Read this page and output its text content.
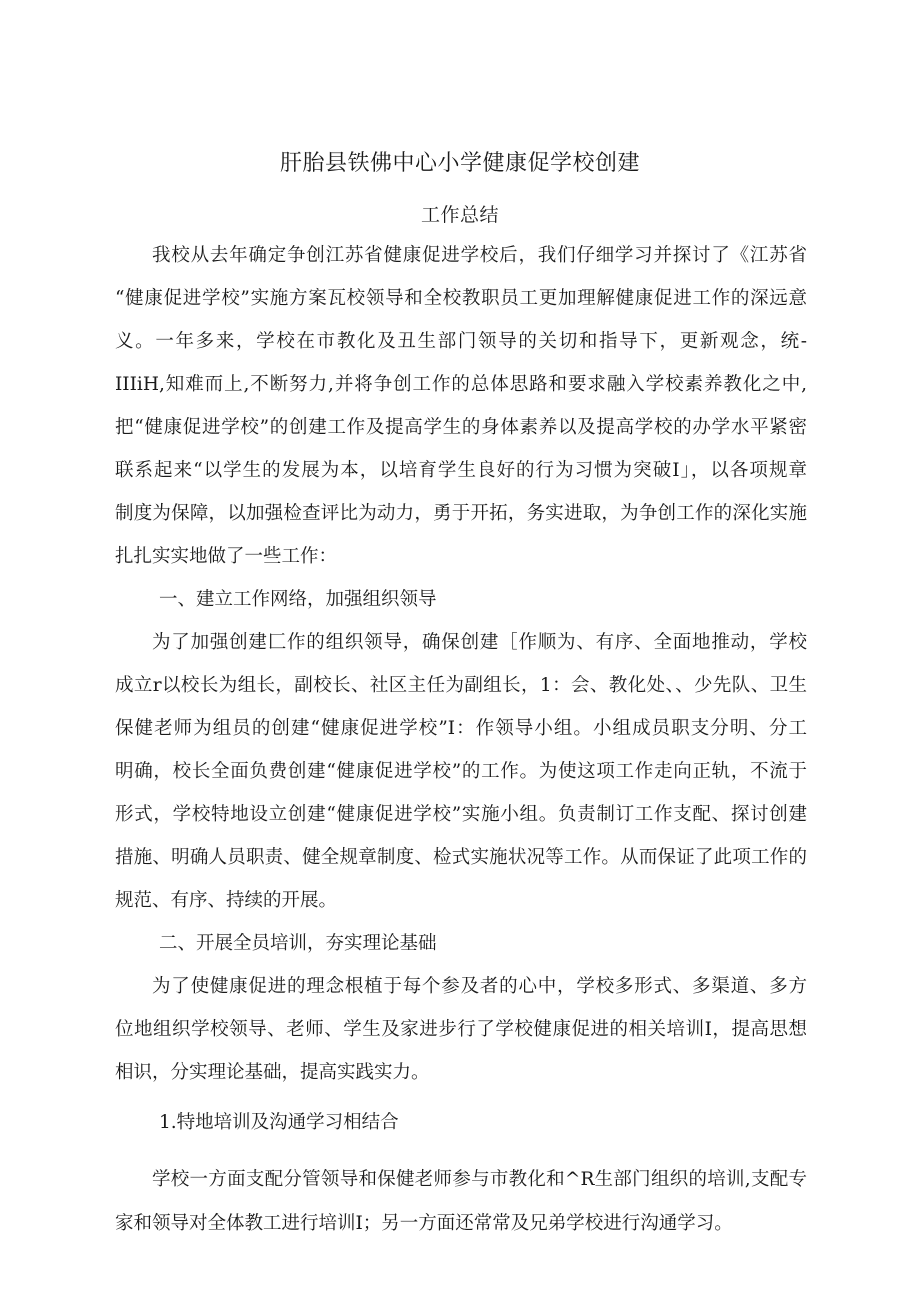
肝胎县铁佛中心小学健康促学校创建
工作总结
我校从去年确定争创江苏省健康促进学校后，我们仔细学习并探讨了《江苏省
“健康促进学校”实施方案瓦校领导和全校教职员工更加理解健康促进工作的深远意
义。一年多来，学校在市教化及丑生部门领导的关切和指导下，更新观念，统-
IIIiH,知难而上,不断努力,并将争创工作的总体思路和要求融入学校素养教化之中,
把“健康促进学校”的创建工作及提高学生的身体素养以及提高学校的办学水平紧密
联系起来“以学生的发展为本，以培育学生良好的行为习惯为突破I」，以各项规章
制度为保障，以加强检查评比为动力，勇于开拓，务实进取，为争创工作的深化实施
扎扎实实地做了一些工作：
一、建立工作网络，加强组织领导
为了加强创建匚作的组织领导，确保创建［作顺为、有序、全面地推动，学校
成立r以校长为组长，副校长、社区主任为副组长，1：会、教化处、、少先队、卫生
保健老师为组员的创建“健康促进学校”I：作领导小组。小组成员职支分明、分工
明确，校长全面负费创建“健康促进学校”的工作。为使这项工作走向正轨，不流于
形式，学校特地设立创建“健康促进学校”实施小组。负责制订工作支配、探讨创建
措施、明确人员职责、健全规章制度、检式实施状况等工作。从而保证了此项工作的
规范、有序、持续的开展。
二、开展全员培训，夯实理论基础
为了使健康促进的理念根植于每个参及者的心中，学校多形式、多渠道、多方
位地组织学校领导、老师、学生及家进步行了学校健康促进的相关培训I，提高思想
相识，分实理论基础，提高实践实力。
1.特地培训及沟通学习相结合
学校一方面支配分管领导和保健老师参与市教化和^R生部门组织的培训,支配专
家和领导对全体教工进行培训I；另一方面还常常及兄弟学校进行沟通学习。
